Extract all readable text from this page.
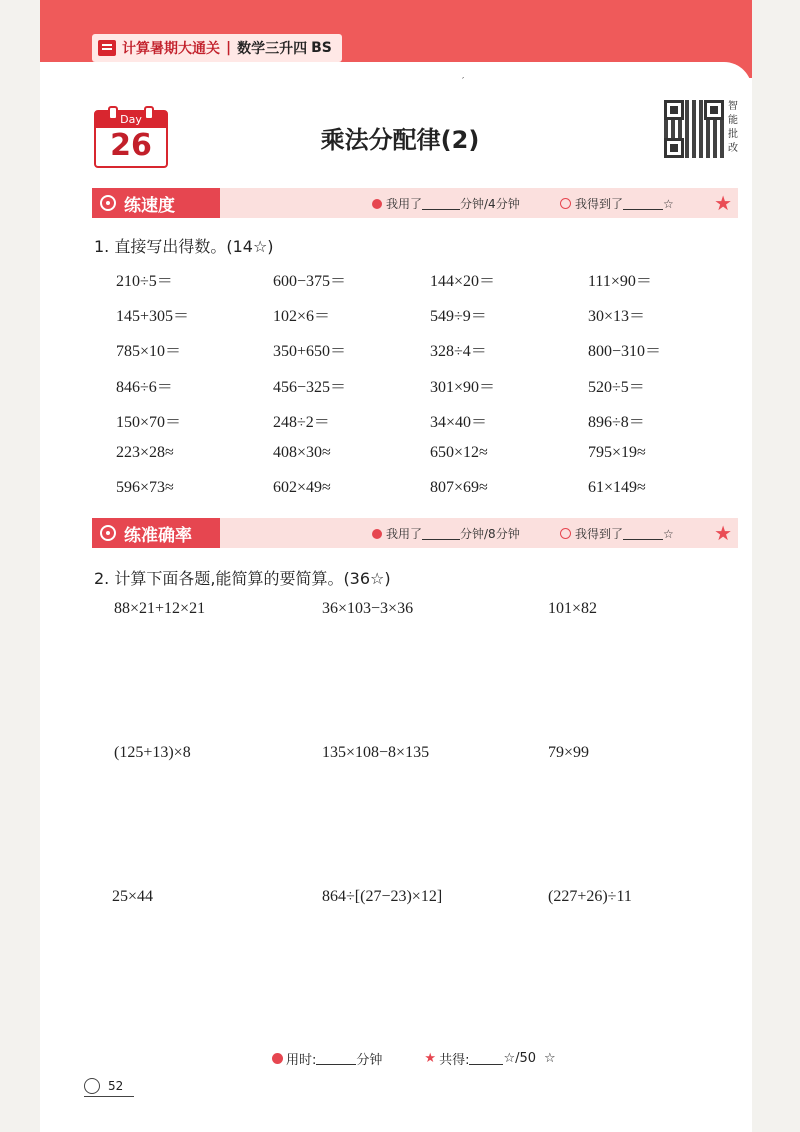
计算暑期大通关 | 数学三升四 BS
′
Day
26	乘法分配律(2)
智能批改
练速度	我用了	分钟/4分钟	我得到了	☆ ★
1. 直接写出得数。(14☆)
210÷5＝	600−375＝	144×20＝	111×90＝
145+305＝	102×6＝	549÷9＝	30×13＝
785×10＝	350+650＝	328÷4＝	800−310＝
846÷6＝	456−325＝	301×90＝	520÷5＝
150×70＝	248÷2＝	34×40＝	896÷8＝
223×28≈	408×30≈	650×12≈	795×19≈
596×73≈	602×49≈	807×69≈	61×149≈
练准确率	我用了	分钟/8分钟	我得到了	☆ ★
2. 计算下面各题,能简算的要简算。(36☆)
88×21+12×21	36×103−3×36	101×82
(125+13)×8	135×108−8×135	79×99
25×44	864÷[(27−23)×12]	(227+26)÷11
用时:	分钟	★ 共得:	☆/50 ☆
52
